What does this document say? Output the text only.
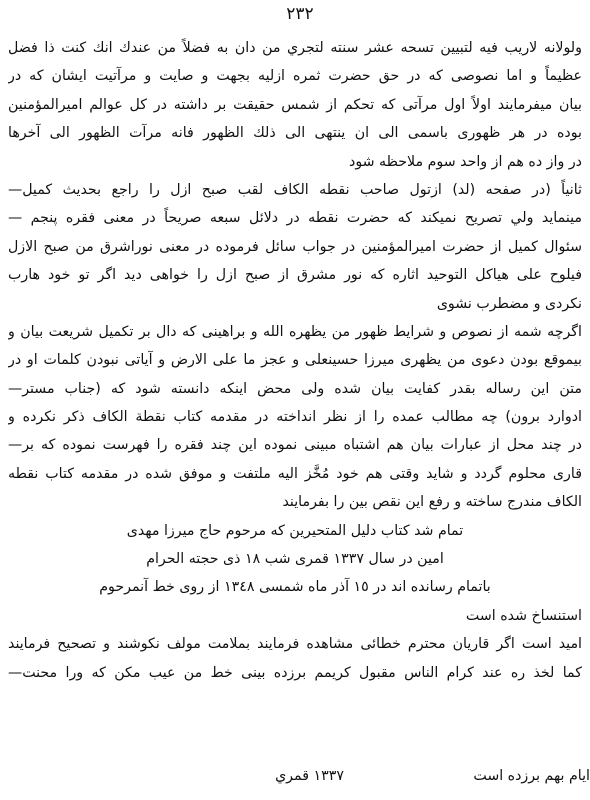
٢٣٢
ولولانه لاريب فيه لتبيين تسحه عشر سنته لتجري من دان به فضلاً من عندك انك كنت ذا فضل
عظيماً و اما نصوصی که در حق حضرت ثمره ازلیه بجهت و صایت و مرآتیت ایشان که در
بیان میفرمایند اولاً اول مرآتی که تحکم از شمس حقیقت بر داشته در کل عوالم امیرالمؤمنین
بوده در هر ظهوری باسمی الی ان ینتهی الی ذلك الظهور فانه مرآت الظهور الی آخرها
در واز ده هم از واحد سوم ملاحظه شود
ثانیاً (در صفحه (لد) ازتول صاحب نقطه الکاف لقب صبح ازل را راجع بحدیث کمیل—
مینماید ولي تصریح نمیکند که حضرت نقطه در دلائل سبعه صریحاً در معنی فقره پنجم —
سئوال کمیل از حضرت امیرالمؤمنین در جواب سائل فرموده در معنی نوراشرق من صبح الازل
فیلوح علی هیاکل التوحید اثاره که نور مشرق از صبح ازل را خواهی دید اگر تو خود هارب
نکردی و مضطرب نشوی
اگرچه شمه از نصوص و شرایط ظهور من یظهره الله و براهینی که دال بر تکمیل شریعت بیان و
بیموقع بودن دعوی من یظهری میرزا حسینعلی و عجز ما علی الارض و آیاتی نبودن کلمات او در
متن این رساله بقدر کفایت بیان شده ولی محض اینکه دانسته شود که (جناب مستر—
ادوارد برون) چه مطالب عمده را از نظر انداخته در مقدمه کتاب نقطة الکاف ذکر نکرده و
در چند محل از عبارات بیان هم اشتباه مبینی نموده این چند فقره را فهرست نموده که بر—
قاری محلوم گردد و شاید وقتی هم خود مُخَّز الیه ملتفت و موفق شده در مقدمه کتاب نقطه
الکاف مندرج ساخته و رفع این نقص بین را بفرمایند
تمام شد کتاب دلیل المتحیرین که مرحوم حاج میرزا مهدی
امین در سال ١٣٣٧ قمری شب ١٨ ذی حجته الحرام
باتمام رسانده اند در ١٥ آذر ماه شمسی ١٣٤٨ از روی خط آنمرحوم
استنساخ شده است
امید است اگر قاریان محترم خطائی مشاهده فرمایند بملامت مولف نکوشند و تصحیح فرمایند
کما لخذ ره عند کرام الناس مقبول کریمم برزده بینی خط من عیب مکن که ورا محنت—
ایام بهم برزده است١٣٣٧ قمري
